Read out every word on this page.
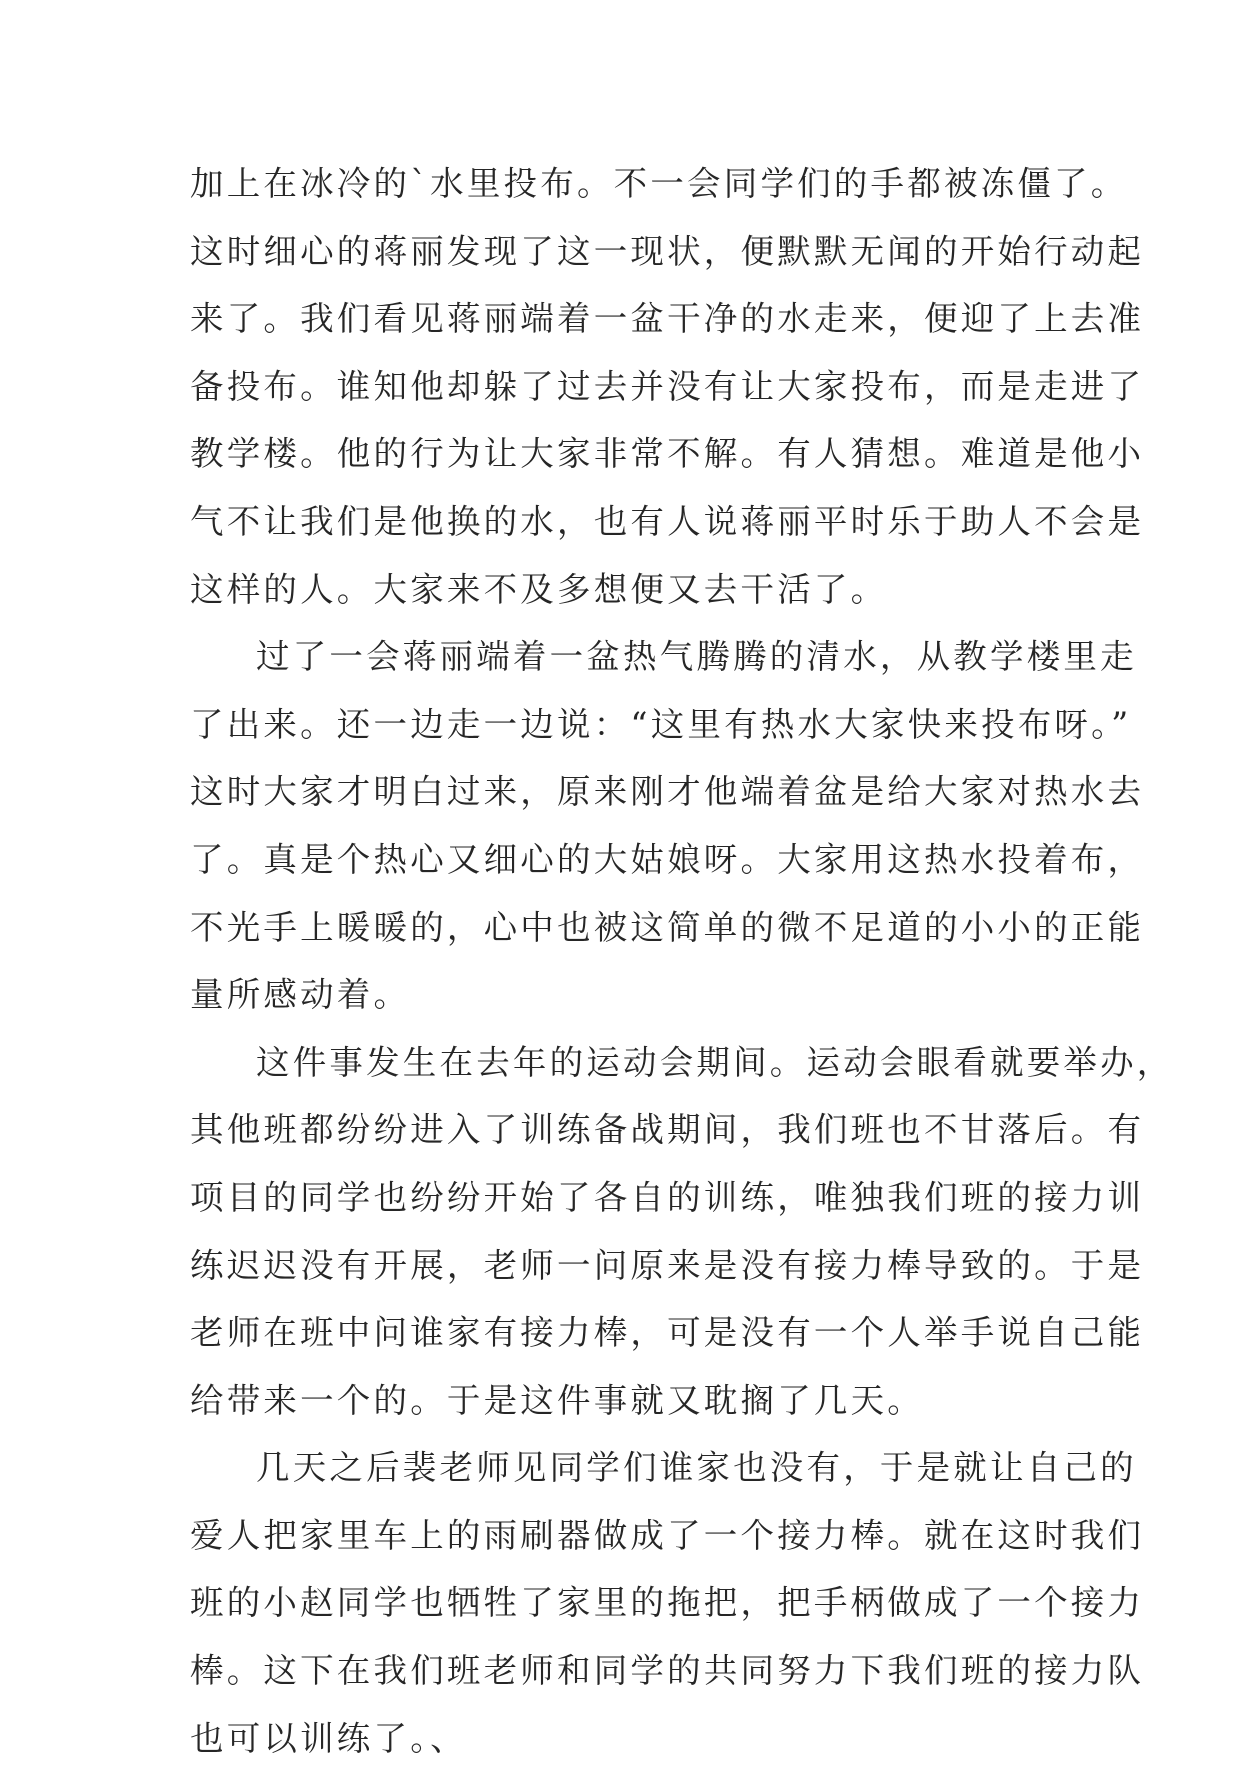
加上在冰冷的`水里投布。不一会同学们的手都被冻僵了。
这时细心的蒋丽发现了这一现状，便默默无闻的开始行动起
来了。我们看见蒋丽端着一盆干净的水走来，便迎了上去准
备投布。谁知他却躲了过去并没有让大家投布，而是走进了
教学楼。他的行为让大家非常不解。有人猜想。难道是他小
气不让我们是他换的水，也有人说蒋丽平时乐于助人不会是
这样的人。大家来不及多想便又去干活了。
过了一会蒋丽端着一盆热气腾腾的清水，从教学楼里走
了出来。还一边走一边说：“这里有热水大家快来投布呀。”
这时大家才明白过来，原来刚才他端着盆是给大家对热水去
了。真是个热心又细心的大姑娘呀。大家用这热水投着布，
不光手上暖暖的，心中也被这简单的微不足道的小小的正能
量所感动着。
这件事发生在去年的运动会期间。运动会眼看就要举办，
其他班都纷纷进入了训练备战期间，我们班也不甘落后。有
项目的同学也纷纷开始了各自的训练，唯独我们班的接力训
练迟迟没有开展，老师一问原来是没有接力棒导致的。于是
老师在班中问谁家有接力棒，可是没有一个人举手说自己能
给带来一个的。于是这件事就又耽搁了几天。
几天之后裴老师见同学们谁家也没有，于是就让自己的
爱人把家里车上的雨刷器做成了一个接力棒。就在这时我们
班的小赵同学也牺牲了家里的拖把，把手柄做成了一个接力
棒。这下在我们班老师和同学的共同努力下我们班的接力队
也可以训练了。、
